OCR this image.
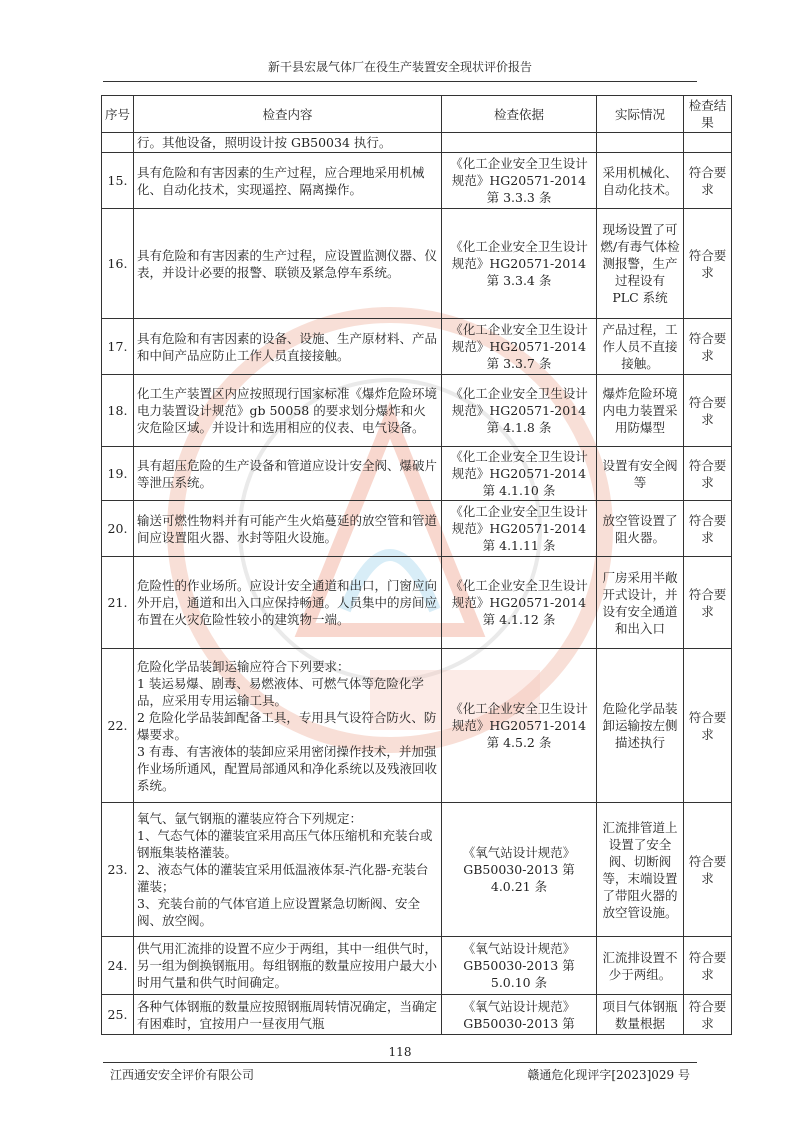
新干县宏晟气体厂在役生产装置安全现状评价报告
序号	检查内容	检查依据	实际情况	检查结果
	行。其他设备，照明设计按 GB50034 执行。			
15.	具有危险和有害因素的生产过程，应合理地采用机械化、自动化技术，实现遥控、隔离操作。	《化工企业安全卫生设计规范》HG20571-2014 第 3.3.3 条	采用机械化、自动化技术。	符合要求
16.	具有危险和有害因素的生产过程，应设置监测仪器、仪表，并设计必要的报警、联锁及紧急停车系统。	《化工企业安全卫生设计规范》HG20571-2014 第 3.3.4 条	现场设置了可燃/有毒气体检测报警，生产过程设有 PLC 系统	符合要求
17.	具有危险和有害因素的设备、设施、生产原材料、产品和中间产品应防止工作人员直接接触。	《化工企业安全卫生设计规范》HG20571-2014 第 3.3.7 条	产品过程，工作人员不直接接触。	符合要求
18.	化工生产装置区内应按照现行国家标准《爆炸危险环境电力装置设计规范》gb 50058 的要求划分爆炸和火灾危险区域。并设计和选用相应的仪表、电气设备。	《化工企业安全卫生设计规范》HG20571-2014 第 4.1.8 条	爆炸危险环境内电力装置采用防爆型	符合要求
19.	具有超压危险的生产设备和管道应设计安全阀、爆破片等泄压系统。	《化工企业安全卫生设计规范》HG20571-2014 第 4.1.10 条	设置有安全阀等	符合要求
20.	输送可燃性物料并有可能产生火焰蔓延的放空管和管道间应设置阻火器、水封等阻火设施。	《化工企业安全卫生设计规范》HG20571-2014 第 4.1.11 条	放空管设置了阻火器。	符合要求
21.	危险性的作业场所。应设计安全通道和出口，门窗应向外开启，通道和出入口应保持畅通。人员集中的房间应布置在火灾危险性较小的建筑物一端。	《化工企业安全卫生设计规范》HG20571-2014 第 4.1.12 条	厂房采用半敞开式设计，并设有安全通道和出入口	符合要求
22.	危险化学品装卸运输应符合下列要求：
1 装运易爆、剧毒、易燃液体、可燃气体等危险化学品，应采用专用运输工具。
2 危险化学品装卸配备工具，专用具气设符合防火、防爆要求。
3 有毒、有害液体的装卸应采用密闭操作技术，并加强作业场所通风，配置局部通风和净化系统以及残液回收系统。	《化工企业安全卫生设计规范》HG20571-2014 第 4.5.2 条	危险化学品装卸运输按左侧描述执行	符合要求
23.	氧气、氩气钢瓶的灌装应符合下列规定：
1、气态气体的灌装宜采用高压气体压缩机和充装台或钢瓶集装格灌装。
2、液态气体的灌装宜采用低温液体泵-汽化器-充装台灌装；
3、充装台前的气体官道上应设置紧急切断阀、安全阀、放空阀。	《氧气站设计规范》GB50030-2013 第 4.0.21 条	汇流排管道上设置了安全阀、切断阀等，末端设置了带阻火器的放空管设施。	符合要求
24.	供气用汇流排的设置不应少于两组，其中一组供气时，另一组为倒换钢瓶用。每组钢瓶的数量应按用户最大小时用气量和供气时间确定。	《氧气站设计规范》GB50030-2013 第 5.0.10 条	汇流排设置不少于两组。	符合要求
25.	各种气体钢瓶的数量应按照钢瓶周转情况确定，当确定有困难时，宜按用户一昼夜用气瓶	《氧气站设计规范》GB50030-2013 第	项目气体钢瓶数量根据	符合要求
118
江西通安安全评价有限公司	赣通危化现评字[2023]029 号
